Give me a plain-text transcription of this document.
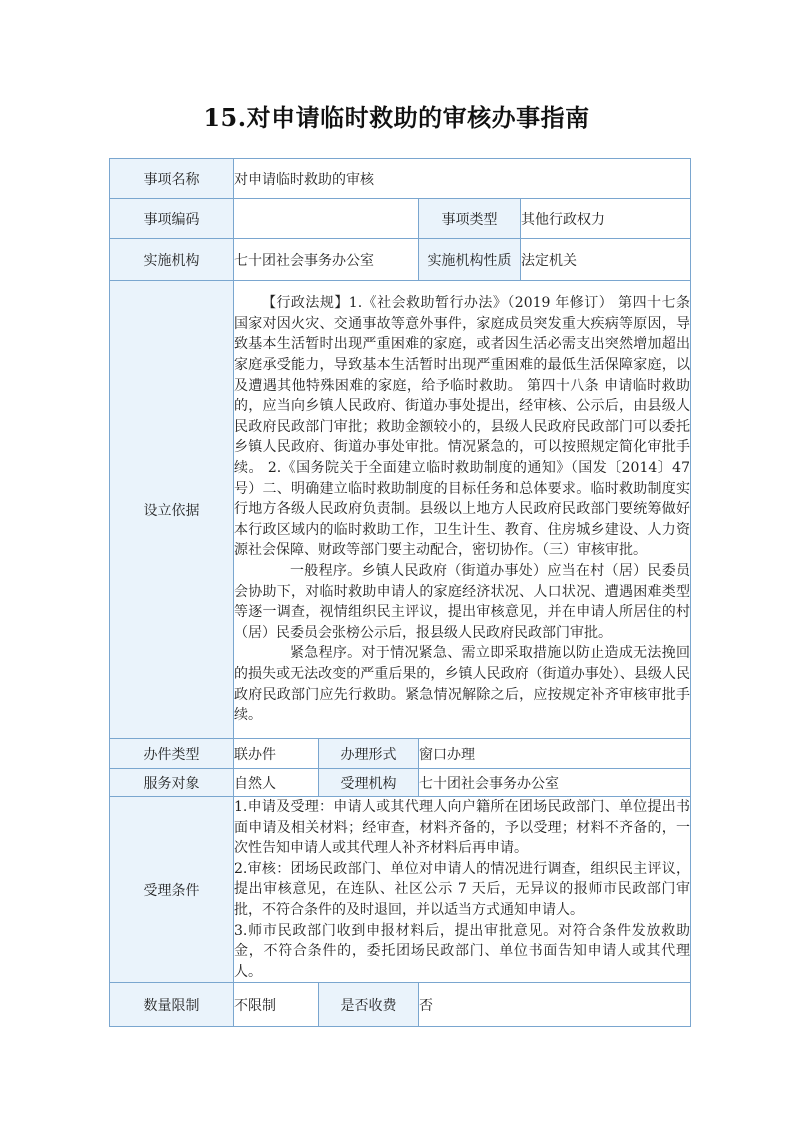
15.对申请临时救助的审核办事指南
事项名称	对申请临时救助的审核			
事项编码			事项类型	其他行政权力
实施机构	七十团社会事务办公室		实施机构性质	法定机关
设立依据	【行政法规】1.《社会救助暂行办法》（2019 年修订） 第四十七条 国家对因火灾、交通事故等意外事件，家庭成员突发重大疾病等原因，导致基本生活暂时出现严重困难的家庭，或者因生活必需支出突然增加超出家庭承受能力，导致基本生活暂时出现严重困难的最低生活保障家庭，以及遭遇其他特殊困难的家庭，给予临时救助。 第四十八条 申请临时救助的，应当向乡镇人民政府、街道办事处提出，经审核、公示后，由县级人民政府民政部门审批；救助金额较小的，县级人民政府民政部门可以委托乡镇人民政府、街道办事处审批。情况紧急的，可以按照规定简化审批手续。 2.《国务院关于全面建立临时救助制度的通知》（国发〔2014〕47 号）二、明确建立临时救助制度的目标任务和总体要求。临时救助制度实行地方各级人民政府负责制。县级以上地方人民政府民政部门要统筹做好本行政区域内的临时救助工作，卫生计生、教育、住房城乡建设、人力资源社会保障、财政等部门要主动配合，密切协作。（三）审核审批。

一般程序。乡镇人民政府（街道办事处）应当在村（居）民委员会协助下，对临时救助申请人的家庭经济状况、人口状况、遭遇困难类型等逐一调查，视情组织民主评议，提出审核意见，并在申请人所居住的村（居）民委员会张榜公示后，报县级人民政府民政部门审批。

紧急程序。对于情况紧急、需立即采取措施以防止造成无法挽回的损失或无法改变的严重后果的，乡镇人民政府（街道办事处）、县级人民政府民政部门应先行救助。紧急情况解除之后，应按规定补齐审核审批手续。			

办件类型	联办件	办理形式	窗口办理	
服务对象	自然人	受理机构	七十团社会事务办公室	
受理条件	1.申请及受理：申请人或其代理人向户籍所在团场民政部门、单位提出书面申请及相关材料；经审查，材料齐备的，予以受理；材料不齐备的，一次性告知申请人或其代理人补齐材料后再申请。

2.审核：团场民政部门、单位对申请人的情况进行调查，组织民主评议，提出审核意见，在连队、社区公示 7 天后，无异议的报师市民政部门审批，不符合条件的及时退回，并以适当方式通知申请人。

3.师市民政部门收到申报材料后，提出审批意见。对符合条件发放救助金，不符合条件的，委托团场民政部门、单位书面告知申请人或其代理人。			

数量限制	不限制	是否收费	否	
